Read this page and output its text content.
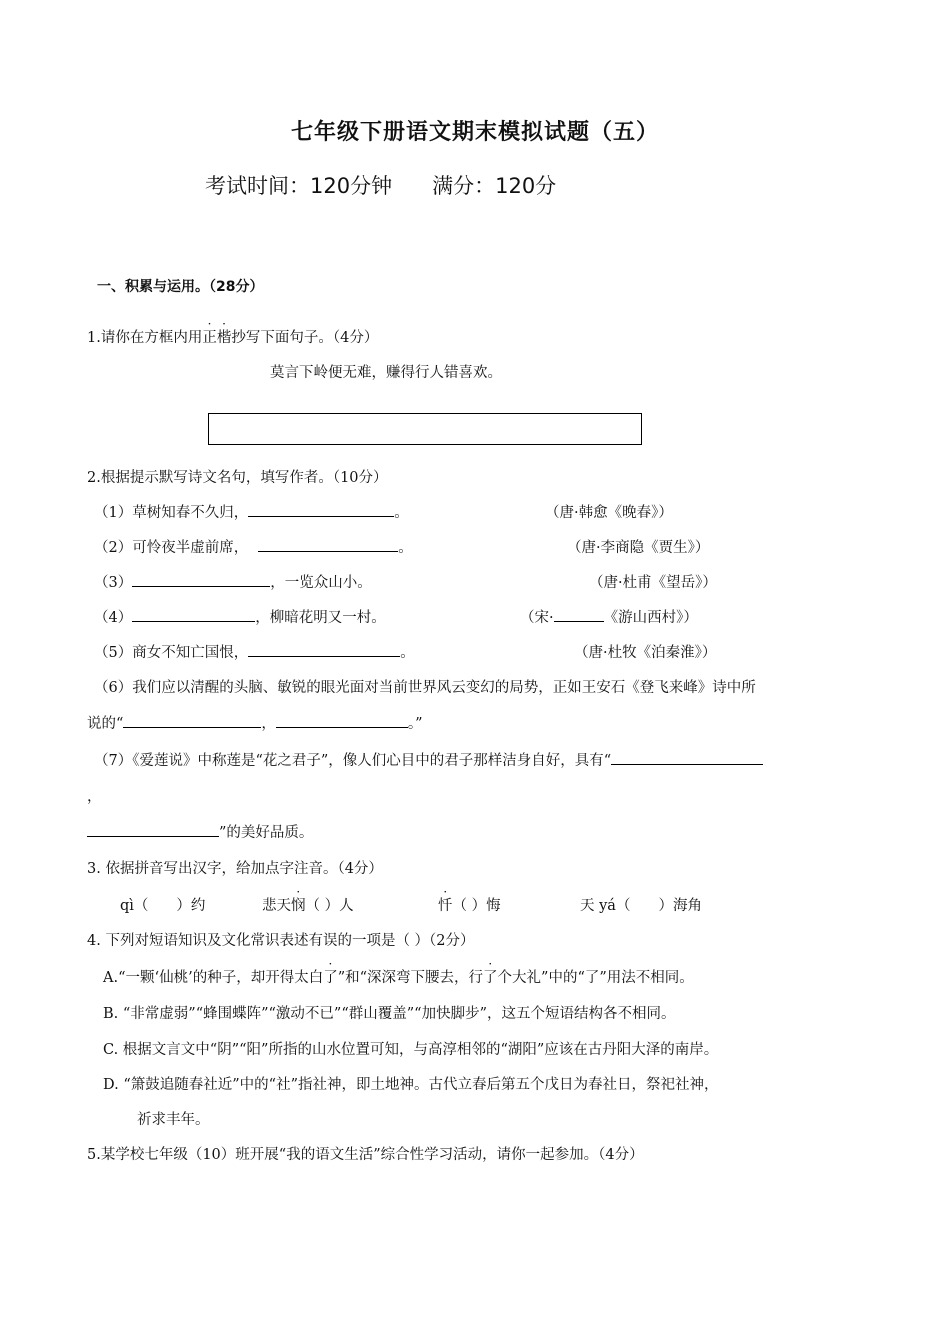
七年级下册语文期末模拟试题（五）
考试时间：120分钟 满分：120分
一、积累与运用。（28分）
1.请你在方框内用正楷抄写下面句子。（4分）
莫言下岭便无难，赚得行人错喜欢。
2.根据提示默写诗文名句，填写作者。（10分）
（1）草树知春不久归，	。	（唐·韩愈《晚春》）
（2）可怜夜半虚前席，	。	（唐·李商隐《贾生》）
（3）	，一览众山小。	（唐·杜甫《望岳》）
（4）	，柳暗花明又一村。	（宋·	《游山西村》）
（5）商女不知亡国恨，	。	（唐·杜牧《泊秦淮》）
（6）我们应以清醒的头脑、敏锐的眼光面对当前世界风云变幻的局势，正如王安石《登飞来峰》诗中所
说的“	，	。”
（7）《爱莲说》中称莲是“花之君子”，像人们心目中的君子那样洁身自好，具有“
，
”的美好品质。
3. 依据拼音写出汉字，给加点字注音。（4分）
qì（ ）约	悲天悯（ ）人	忏（ ）悔	天 yá（ ）海角
4. 下列对短语知识及文化常识表述有误的一项是（ ）（2分）
A.“一颗‘仙桃’的种子，却开得太白了”和“深深弯下腰去，行了个大礼”中的“了”用法不相同。
B. “非常虚弱”“蜂围蝶阵”“激动不已”“群山覆盖”“加快脚步”，这五个短语结构各不相同。
C. 根据文言文中“阴”“阳”所指的山水位置可知，与高淳相邻的“湖阳”应该在古丹阳大泽的南岸。
D. “箫鼓追随春社近”中的“社”指社神，即土地神。古代立春后第五个戊日为春社日，祭祀社神，
祈求丰年。
5.某学校七年级（10）班开展“我的语文生活”综合性学习活动，请你一起参加。（4分）
